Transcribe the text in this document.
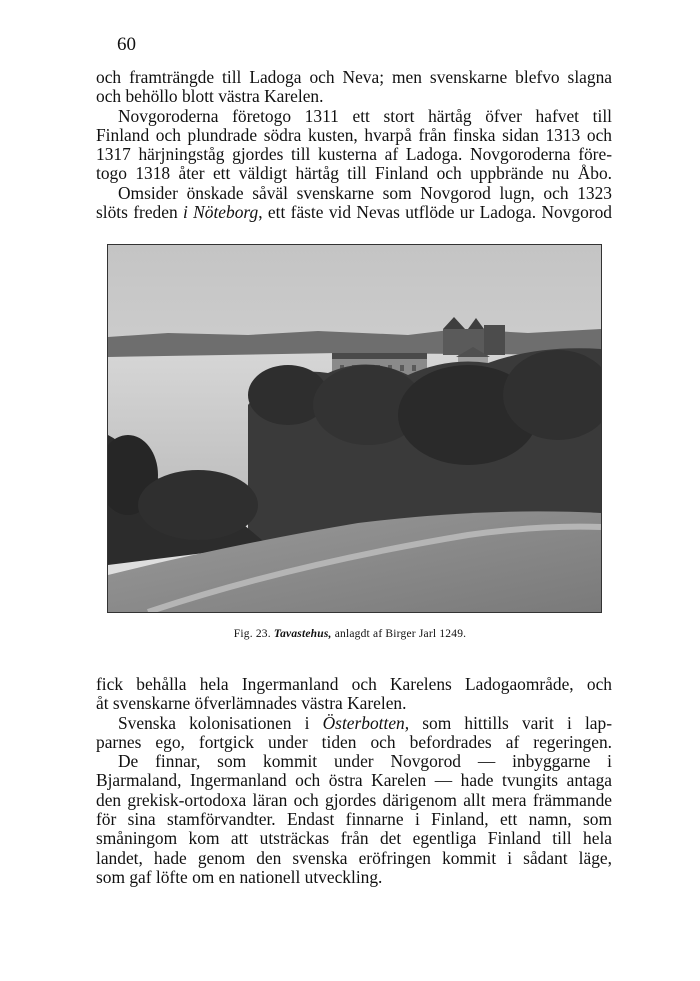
60
och framträngde till Ladoga och Neva; men svenskarne blefvo slagna
och behöllo blott västra Karelen.
Novgoroderna företogo 1311 ett stort härtåg öfver hafvet till
Finland och plundrade södra kusten, hvarpå från finska sidan 1313 och
1317 härjningståg gjordes till kusterna af Ladoga. Novgoroderna före-
togo 1318 åter ett väldigt härtåg till Finland och uppbrände nu Åbo.
Omsider önskade såväl svenskarne som Novgorod lugn, och 1323
slöts freden i Nöteborg, ett fäste vid Nevas utflöde ur Ladoga. Novgorod
Fig. 23. Tavastehus, anlagdt af Birger Jarl 1249.
fick behålla hela Ingermanland och Karelens Ladogaområde, och
åt svenskarne öfverlämnades västra Karelen.
Svenska kolonisationen i Österbotten, som hittills varit i lap-
parnes ego, fortgick under tiden och befordrades af regeringen.
De finnar, som kommit under Novgorod — inbyggarne i
Bjarmaland, Ingermanland och östra Karelen — hade tvungits antaga
den grekisk-ortodoxa läran och gjordes därigenom allt mera främmande
för sina stamförvandter. Endast finnarne i Finland, ett namn, som
småningom kom att utsträckas från det egentliga Finland till hela
landet, hade genom den svenska eröfringen kommit i sådant läge,
som gaf löfte om en nationell utveckling.
